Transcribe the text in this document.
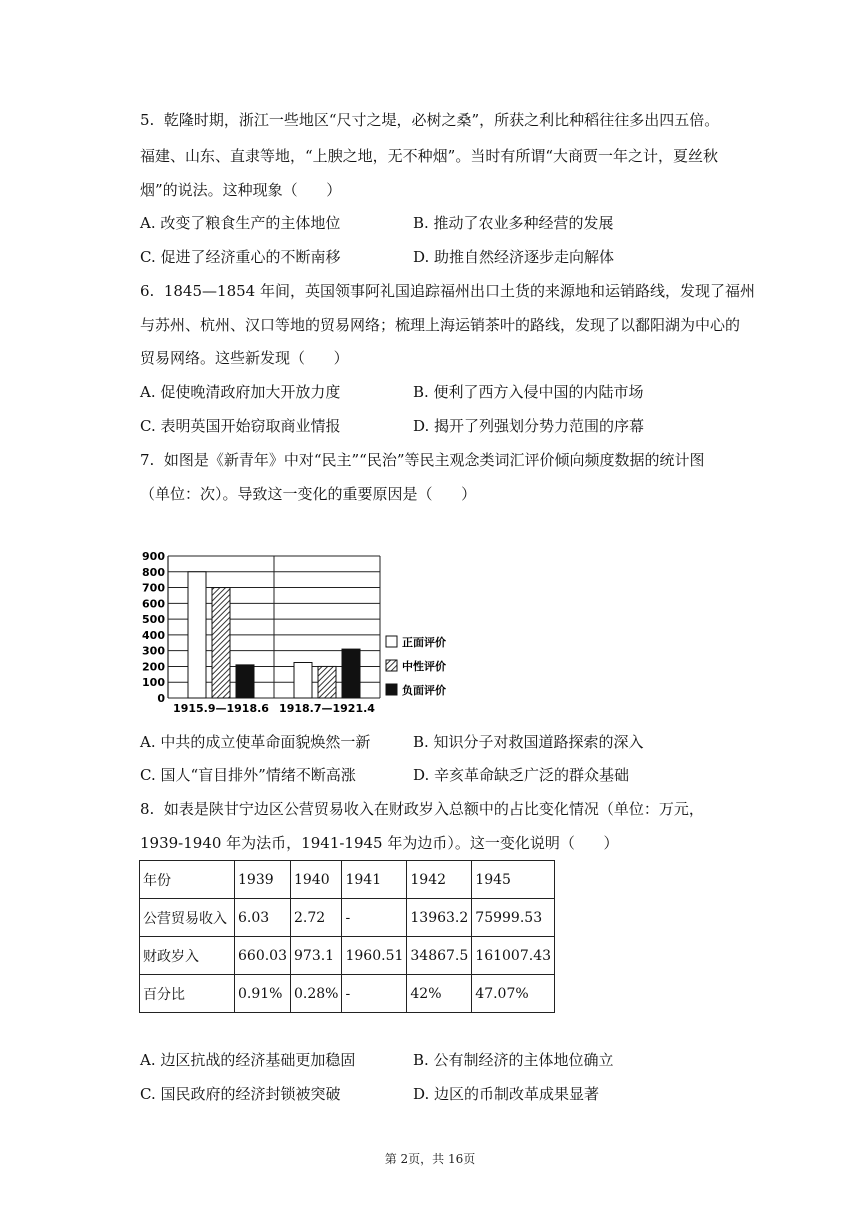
5.  乾隆时期，浙江一些地区“尺寸之堤，必树之桑”，所获之利比种稻往往多出四五倍。
福建、山东、直隶等地，“上腴之地，无不种烟”。当时有所谓“大商贾一年之计，夏丝秋
烟”的说法。这种现象（      ）
A. 改变了粮食生产的主体地位	B. 推动了农业多种经营的发展
C. 促进了经济重心的不断南移	D. 助推自然经济逐步走向解体
6.  1845—1854 年间，英国领事阿礼国追踪福州出口土货的来源地和运销路线，发现了福州
与苏州、杭州、汉口等地的贸易网络；梳理上海运销茶叶的路线，发现了以鄱阳湖为中心的
贸易网络。这些新发现（      ）
A. 促使晚清政府加大开放力度	B. 便利了西方入侵中国的内陆市场
C. 表明英国开始窃取商业情报	D. 揭开了列强划分势力范围的序幕
7.  如图是《新青年》中对“民主”“民治”等民主观念类词汇评价倾向频度数据的统计图
（单位：次）。导致这一变化的重要原因是（      ）
0
100
200
300
400
500
600
700
800
900
1915.9—1918.6 1918.7—1921.4
正面评价
中性评价
负面评价
A. 中共的成立使革命面貌焕然一新	B. 知识分子对救国道路探索的深入
C. 国人“盲目排外”情绪不断高涨	D. 辛亥革命缺乏广泛的群众基础
8.  如表是陕甘宁边区公营贸易收入在财政岁入总额中的占比变化情况（单位：万元，
1939-1940 年为法币，1941-1945 年为边币）。这一变化说明（      ）
年份	1939	1940	1941	1942	1945
公营贸易收入	6.03	2.72	-	13963.2	75999.53
财政岁入	660.03	973.1	1960.51	34867.5	161007.43
百分比	0.91%	0.28%	-	42%	47.07%
A. 边区抗战的经济基础更加稳固	B. 公有制经济的主体地位确立
C. 国民政府的经济封锁被突破	D. 边区的币制改革成果显著
第 2页，共 16页
